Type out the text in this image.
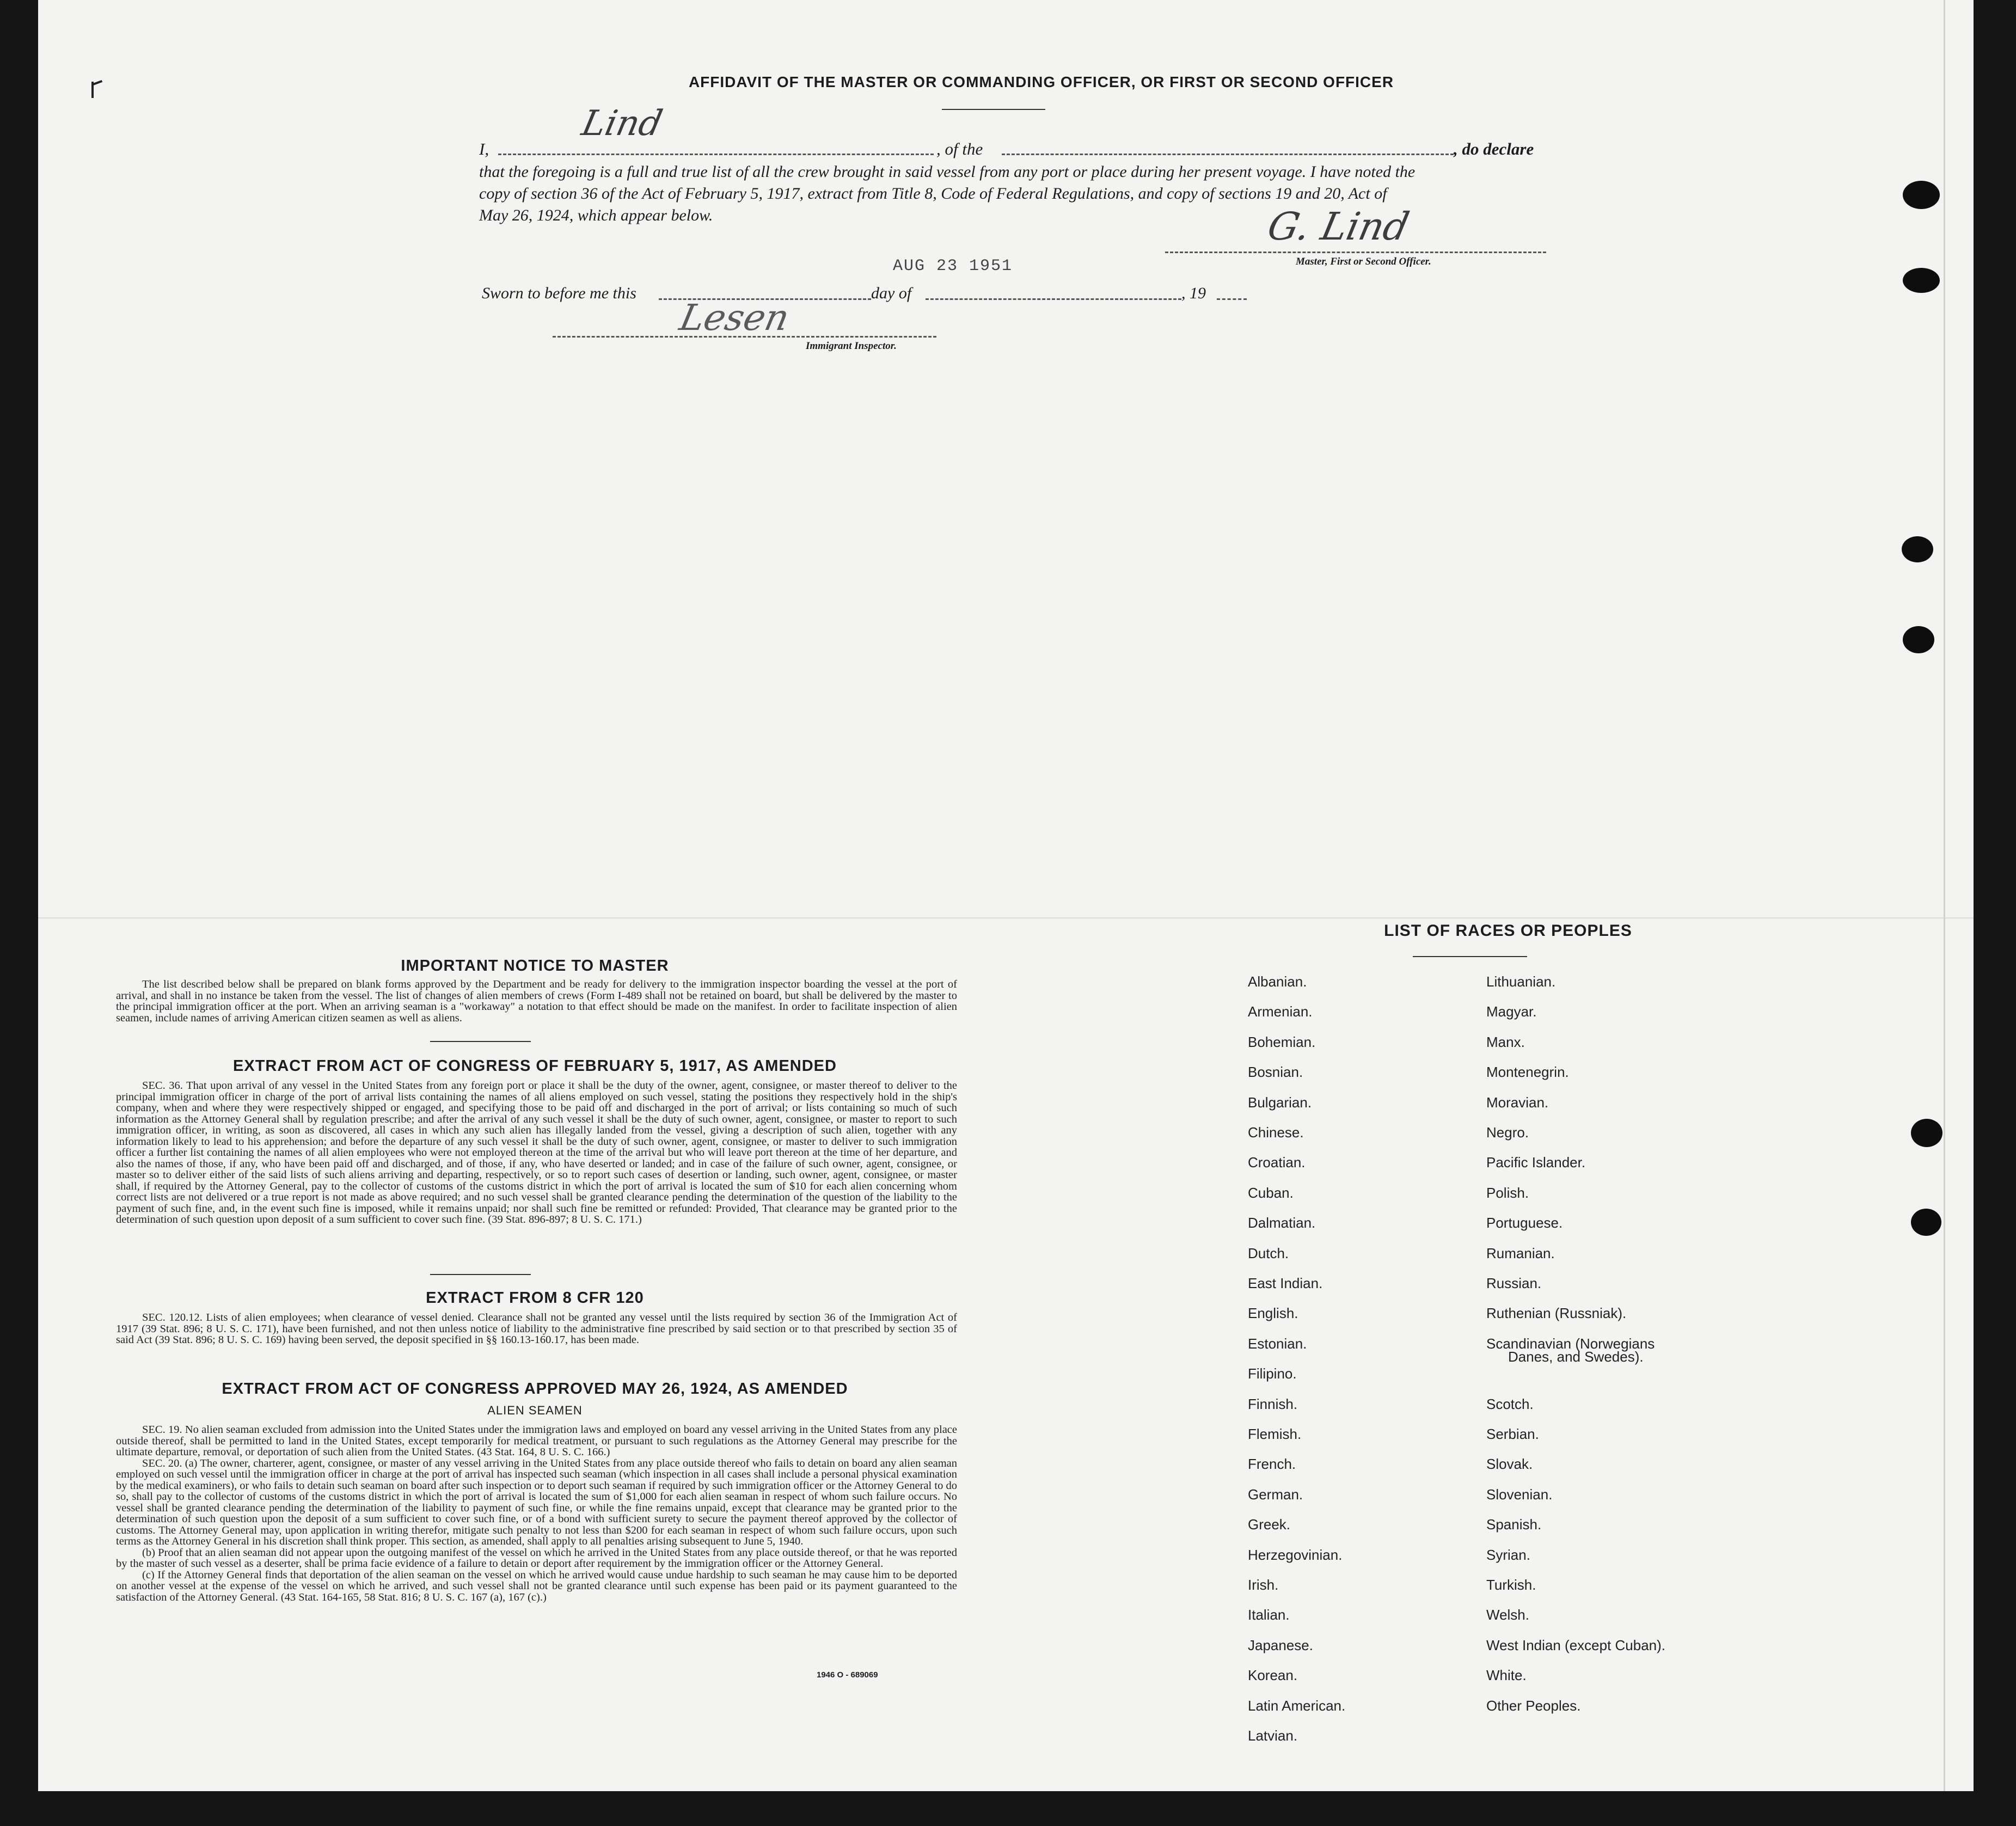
AFFIDAVIT OF THE MASTER OR COMMANDING OFFICER, OR FIRST OR SECOND OFFICER
I,
Lind
, of the	, do declare
that the foregoing is a full and true list of all the crew brought in said vessel from any port or place during her present voyage. I have noted the
copy of section 36 of the Act of February 5, 1917, extract from Title 8, Code of Federal Regulations, and copy of sections 19 and 20, Act of
May 26, 1924, which appear below.	G. Lind
Master, First or Second Officer.
AUG 23 1951
Sworn to before me this	day of	, 19
Lesen
Immigrant Inspector.
IMPORTANT NOTICE TO MASTER

The list described below shall be prepared on blank forms approved by the Department and be ready for delivery to the immigration inspector boarding the vessel at the port of arrival, and shall in no instance be taken from the vessel. The list of changes of alien members of crews (Form I-489 shall not be retained on board, but shall be delivered by the master to the principal immigration officer at the port. When an arriving seaman is a "workaway" a notation to that effect should be made on the manifest. In order to facilitate inspection of alien seamen, include names of arriving American citizen seamen as well as aliens.

EXTRACT FROM ACT OF CONGRESS OF FEBRUARY 5, 1917, AS AMENDED

SEC. 36. That upon arrival of any vessel in the United States from any foreign port or place it shall be the duty of the owner, agent, consignee, or master thereof to deliver to the principal immigration officer in charge of the port of arrival lists containing the names of all aliens employed on such vessel, stating the positions they respectively hold in the ship's company, when and where they were respectively shipped or engaged, and specifying those to be paid off and discharged in the port of arrival; or lists containing so much of such information as the Attorney General shall by regulation prescribe; and after the arrival of any such vessel it shall be the duty of such owner, agent, consignee, or master to report to such immigration officer, in writing, as soon as discovered, all cases in which any such alien has illegally landed from the vessel, giving a description of such alien, together with any information likely to lead to his apprehension; and before the departure of any such vessel it shall be the duty of such owner, agent, consignee, or master to deliver to such immigration officer a further list containing the names of all alien employees who were not employed thereon at the time of the arrival but who will leave port thereon at the time of her departure, and also the names of those, if any, who have been paid off and discharged, and of those, if any, who have deserted or landed; and in case of the failure of such owner, agent, consignee, or master so to deliver either of the said lists of such aliens arriving and departing, respectively, or so to report such cases of desertion or landing, such owner, agent, consignee, or master shall, if required by the Attorney General, pay to the collector of customs of the customs district in which the port of arrival is located the sum of $10 for each alien concerning whom correct lists are not delivered or a true report is not made as above required; and no such vessel shall be granted clearance pending the determination of the question of the liability to the payment of such fine, and, in the event such fine is imposed, while it remains unpaid; nor shall such fine be remitted or refunded: Provided, That clearance may be granted prior to the determination of such question upon deposit of a sum sufficient to cover such fine. (39 Stat. 896-897; 8 U. S. C. 171.)

EXTRACT FROM 8 CFR 120

SEC. 120.12. Lists of alien employees; when clearance of vessel denied. Clearance shall not be granted any vessel until the lists required by section 36 of the Immigration Act of 1917 (39 Stat. 896; 8 U. S. C. 171), have been furnished, and not then unless notice of liability to the administrative fine prescribed by said section or to that prescribed by section 35 of said Act (39 Stat. 896; 8 U. S. C. 169) having been served, the deposit specified in §§ 160.13-160.17, has been made.

EXTRACT FROM ACT OF CONGRESS APPROVED MAY 26, 1924, AS AMENDED
ALIEN SEAMEN

SEC. 19. No alien seaman excluded from admission into the United States under the immigration laws and employed on board any vessel arriving in the United States from any place outside thereof, shall be permitted to land in the United States, except temporarily for medical treatment, or pursuant to such regulations as the Attorney General may prescribe for the ultimate departure, removal, or deportation of such alien from the United States. (43 Stat. 164, 8 U. S. C. 166.)

SEC. 20. (a) The owner, charterer, agent, consignee, or master of any vessel arriving in the United States from any place outside thereof who fails to detain on board any alien seaman employed on such vessel until the immigration officer in charge at the port of arrival has inspected such seaman (which inspection in all cases shall include a personal physical examination by the medical examiners), or who fails to detain such seaman on board after such inspection or to deport such seaman if required by such immigration officer or the Attorney General to do so, shall pay to the collector of customs of the customs district in which the port of arrival is located the sum of $1,000 for each alien seaman in respect of whom such failure occurs. No vessel shall be granted clearance pending the determination of the liability to payment of such fine, or while the fine remains unpaid, except that clearance may be granted prior to the determination of such question upon the deposit of a sum sufficient to cover such fine, or of a bond with sufficient surety to secure the payment thereof approved by the collector of customs. The Attorney General may, upon application in writing therefor, mitigate such penalty to not less than $200 for each seaman in respect of whom such failure occurs, upon such terms as the Attorney General in his discretion shall think proper. This section, as amended, shall apply to all penalties arising subsequent to June 5, 1940.

(b) Proof that an alien seaman did not appear upon the outgoing manifest of the vessel on which he arrived in the United States from any place outside thereof, or that he was reported by the master of such vessel as a deserter, shall be prima facie evidence of a failure to detain or deport after requirement by the immigration officer or the Attorney General.

(c) If the Attorney General finds that deportation of the alien seaman on the vessel on which he arrived would cause undue hardship to such seaman he may cause him to be deported on another vessel at the expense of the vessel on which he arrived, and such vessel shall not be granted clearance until such expense has been paid or its payment guaranteed to the satisfaction of the Attorney General. (43 Stat. 164-165, 58 Stat. 816; 8 U. S. C. 167 (a), 167 (c).)

1946 O - 689069
LIST OF RACES OR PEOPLES
Albanian.
Armenian.
Bohemian.
Bosnian.
Bulgarian.
Chinese.
Croatian.
Cuban.
Dalmatian.
Dutch.
East Indian.
English.
Estonian.
Filipino.
Finnish.
Flemish.
French.
German.
Greek.
Herzegovinian.
Irish.
Italian.
Japanese.
Korean.
Latin American.
Latvian.
Lithuanian.
Magyar.
Manx.
Montenegrin.
Moravian.
Negro.
Pacific Islander.
Polish.
Portuguese.
Rumanian.
Russian.
Ruthenian (Russniak).
Scandinavian (Norwegians
Danes, and Swedes).
Scotch.
Serbian.
Slovak.
Slovenian.
Spanish.
Syrian.
Turkish.
Welsh.
West Indian (except Cuban).
White.
Other Peoples.
